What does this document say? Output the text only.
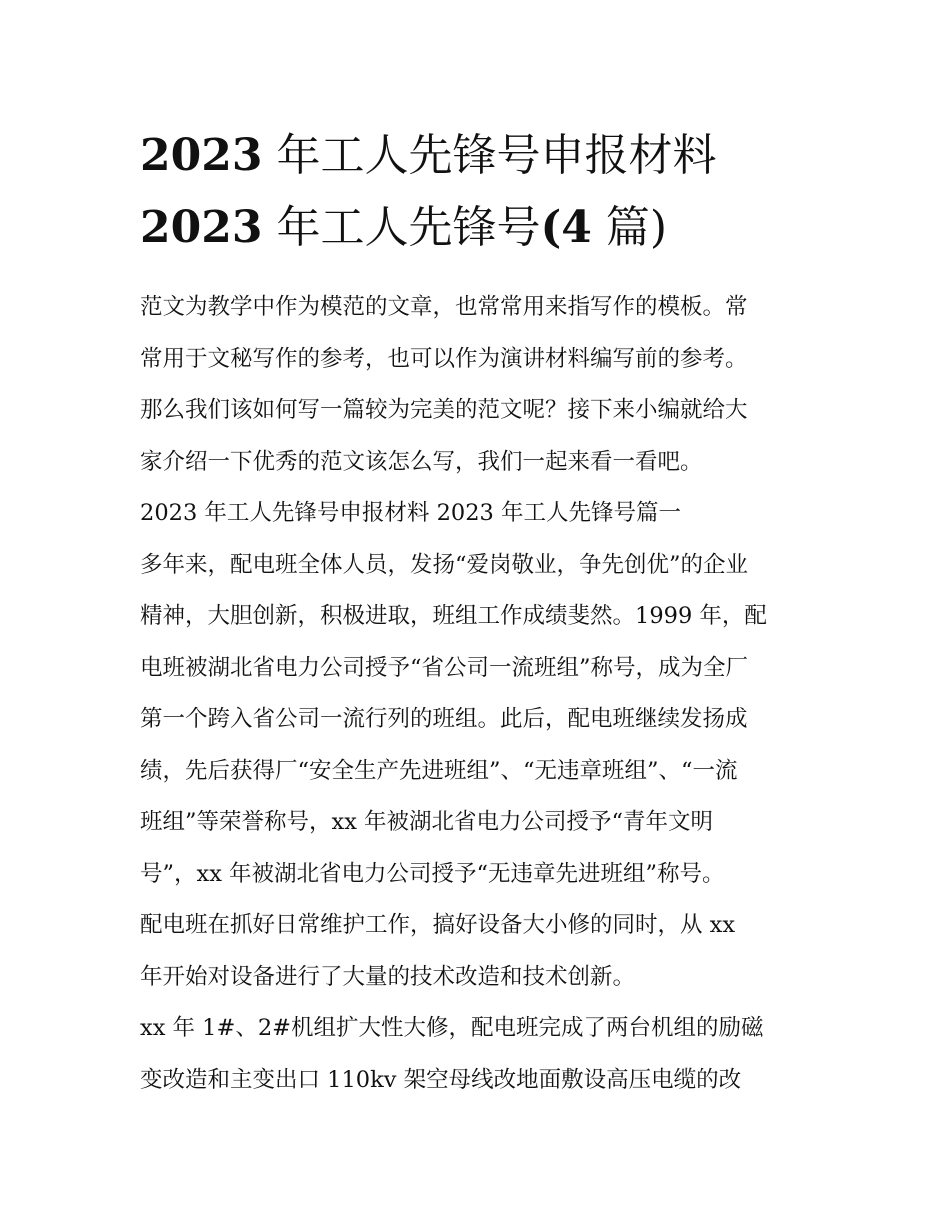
2023 年工人先锋号申报材料

2023 年工人先锋号(4 篇)

范文为教学中作为模范的文章，也常常用来指写作的模板。常

常用于文秘写作的参考，也可以作为演讲材料编写前的参考。

那么我们该如何写一篇较为完美的范文呢？接下来小编就给大

家介绍一下优秀的范文该怎么写，我们一起来看一看吧。

2023 年工人先锋号申报材料 2023 年工人先锋号篇一

多年来，配电班全体人员，发扬“爱岗敬业，争先创优”的企业

精神，大胆创新，积极进取，班组工作成绩斐然。1999 年，配

电班被湖北省电力公司授予“省公司一流班组”称号，成为全厂

第一个跨入省公司一流行列的班组。此后，配电班继续发扬成

绩，先后获得厂“安全生产先进班组”、“无违章班组”、“一流

班组”等荣誉称号，xx 年被湖北省电力公司授予“青年文明

号”，xx 年被湖北省电力公司授予“无违章先进班组”称号。

配电班在抓好日常维护工作，搞好设备大小修的同时，从 xx

年开始对设备进行了大量的技术改造和技术创新。

xx 年 1#、2#机组扩大性大修，配电班完成了两台机组的励磁

变改造和主变出口 110kv 架空母线改地面敷设高压电缆的改
